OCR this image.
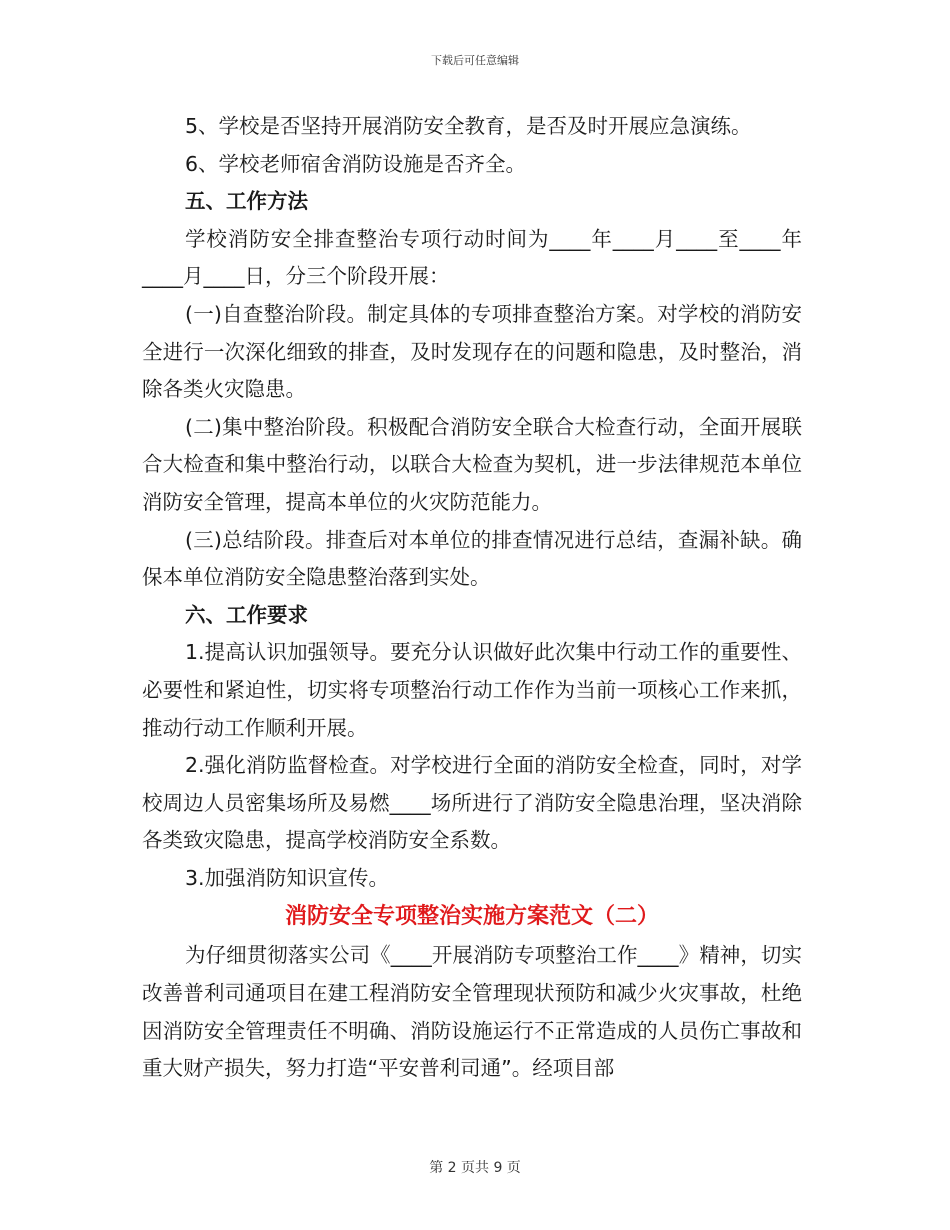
下载后可任意编辑

5、学校是否坚持开展消防安全教育，是否及时开展应急演练。

6、学校老师宿舍消防设施是否齐全。

五、工作方法

学校消防安全排查整治专项行动时间为____年____月____至____年____月____日，分三个阶段开展：

(一)自查整治阶段。制定具体的专项排查整治方案。对学校的消防安全进行一次深化细致的排查，及时发现存在的问题和隐患，及时整治，消除各类火灾隐患。

(二)集中整治阶段。积极配合消防安全联合大检查行动，全面开展联合大检查和集中整治行动，以联合大检查为契机，进一步法律规范本单位消防安全管理，提高本单位的火灾防范能力。

(三)总结阶段。排查后对本单位的排查情况进行总结，查漏补缺。确保本单位消防安全隐患整治落到实处。

六、工作要求

1.提高认识加强领导。要充分认识做好此次集中行动工作的重要性、必要性和紧迫性，切实将专项整治行动工作作为当前一项核心工作来抓，推动行动工作顺利开展。

2.强化消防监督检查。对学校进行全面的消防安全检查，同时，对学校周边人员密集场所及易燃____场所进行了消防安全隐患治理，坚决消除各类致灾隐患，提高学校消防安全系数。

3.加强消防知识宣传。

消防安全专项整治实施方案范文（二）

为仔细贯彻落实公司《____开展消防专项整治工作____》精神，切实改善普利司通项目在建工程消防安全管理现状预防和减少火灾事故，杜绝因消防安全管理责任不明确、消防设施运行不正常造成的人员伤亡事故和重大财产损失，努力打造“平安普利司通”。经项目部

第 2 页共 9 页
